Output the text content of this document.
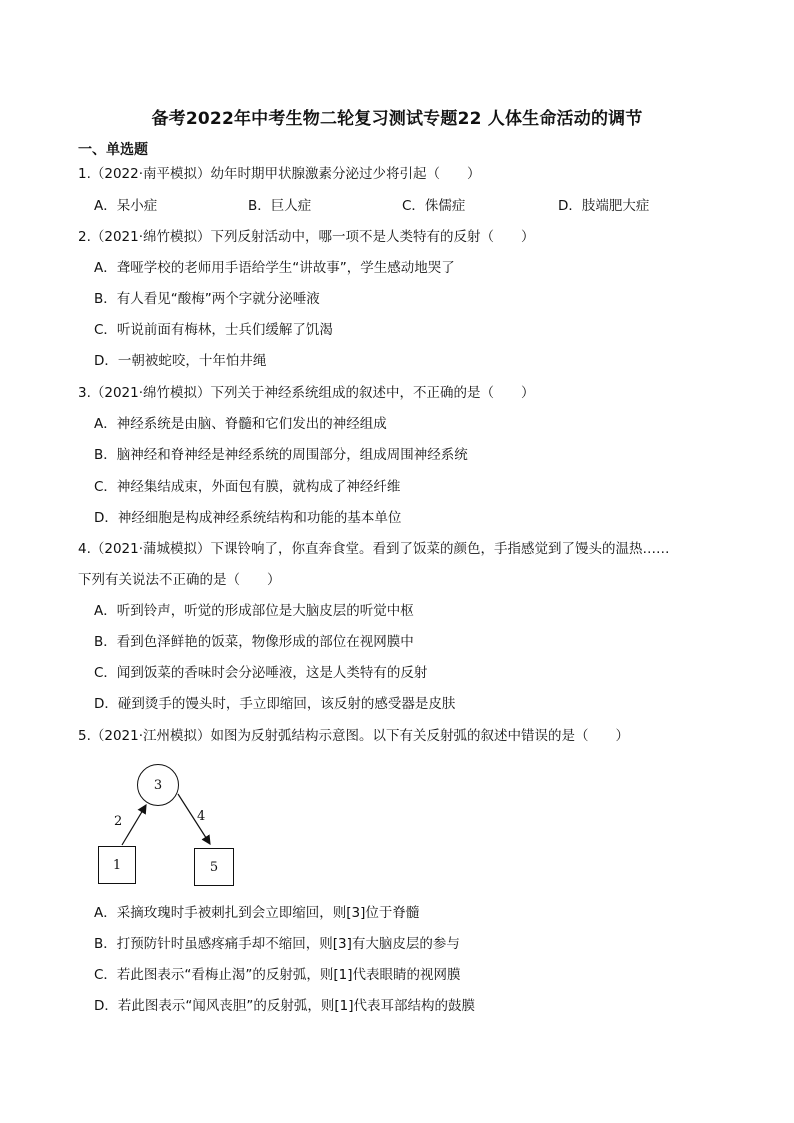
备考2022年中考生物二轮复习测试专题22 人体生命活动的调节
一、单选题
1.（2022·南平模拟）幼年时期甲状腺激素分泌过少将引起（　　）
A．呆小症	B．巨人症	C．侏儒症	D．肢端肥大症
2.（2021·绵竹模拟）下列反射活动中，哪一项不是人类特有的反射（　　）
A．聋哑学校的老师用手语给学生“讲故事”，学生感动地哭了
B．有人看见“酸梅”两个字就分泌唾液
C．听说前面有梅林，士兵们缓解了饥渴
D．一朝被蛇咬，十年怕井绳
3.（2021·绵竹模拟）下列关于神经系统组成的叙述中，不正确的是（　　）
A．神经系统是由脑、脊髓和它们发出的神经组成
B．脑神经和脊神经是神经系统的周围部分，组成周围神经系统
C．神经集结成束，外面包有膜，就构成了神经纤维
D．神经细胞是构成神经系统结构和功能的基本单位
4.（2021·蒲城模拟）下课铃响了，你直奔食堂。看到了饭菜的颜色，手指感觉到了馒头的温热……
下列有关说法不正确的是（　　）
A．听到铃声，听觉的形成部位是大脑皮层的听觉中枢
B．看到色泽鲜艳的饭菜，物像形成的部位在视网膜中
C．闻到饭菜的香味时会分泌唾液，这是人类特有的反射
D．碰到烫手的馒头时，手立即缩回，该反射的感受器是皮肤
5.（2021·江州模拟）如图为反射弧结构示意图。以下有关反射弧的叙述中错误的是（　　）
3
1	5
2	4
A．采摘玫瑰时手被刺扎到会立即缩回，则[3]位于脊髓
B．打预防针时虽感疼痛手却不缩回，则[3]有大脑皮层的参与
C．若此图表示“看梅止渴”的反射弧，则[1]代表眼睛的视网膜
D．若此图表示“闻风丧胆”的反射弧，则[1]代表耳部结构的鼓膜
